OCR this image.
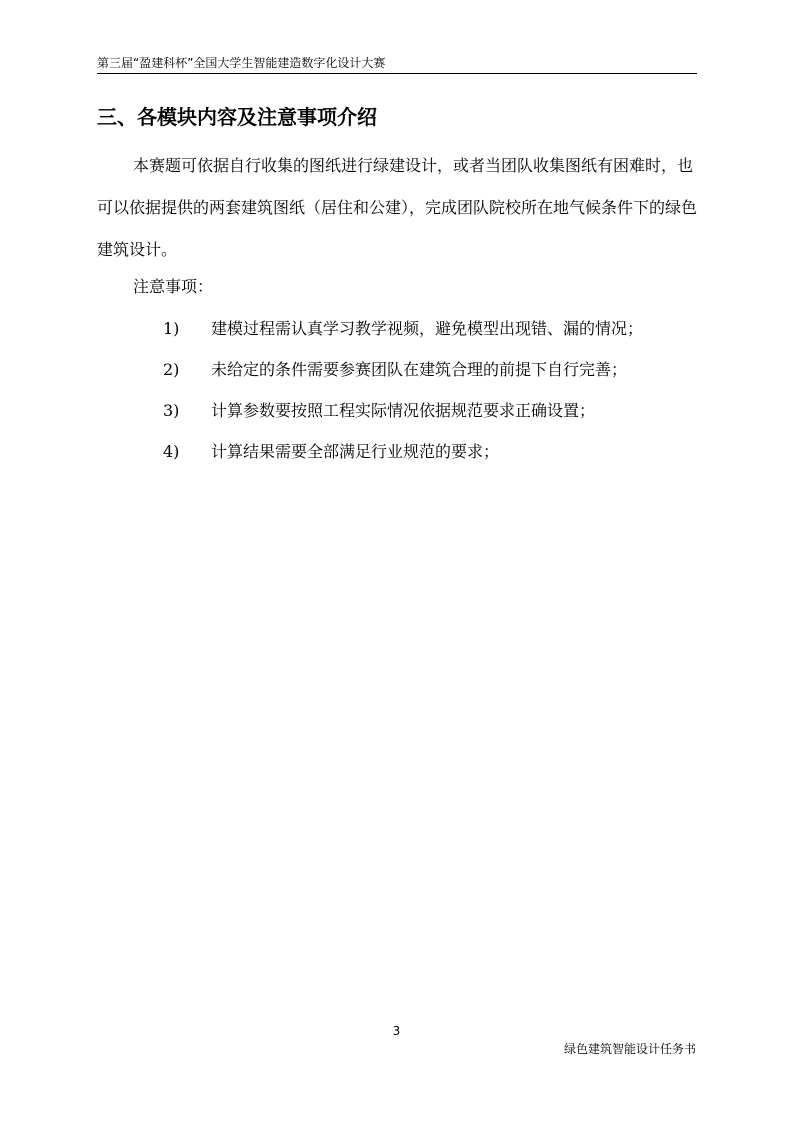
第三届“盈建科杯”全国大学生智能建造数字化设计大赛
三、各模块内容及注意事项介绍

本赛题可依据自行收集的图纸进行绿建设计，或者当团队收集图纸有困难时，也可以依据提供的两套建筑图纸（居住和公建），完成团队院校所在地气候条件下的绿色建筑设计。

注意事项：
1) 建模过程需认真学习教学视频，避免模型出现错、漏的情况；
2) 未给定的条件需要参赛团队在建筑合理的前提下自行完善；
3) 计算参数要按照工程实际情况依据规范要求正确设置；
4) 计算结果需要全部满足行业规范的要求；
3
绿色建筑智能设计任务书
